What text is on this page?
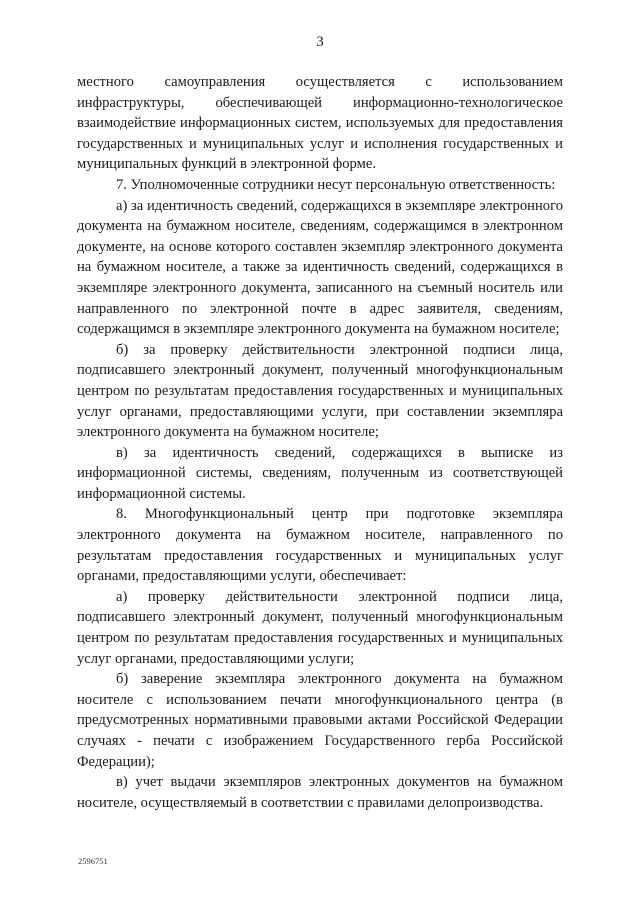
3

местного самоуправления осуществляется с использованием инфраструктуры, обеспечивающей информационно-технологическое взаимодействие информационных систем, используемых для предоставления государственных и муниципальных услуг и исполнения государственных и муниципальных функций в электронной форме.

7. Уполномоченные сотрудники несут персональную ответственность:

а) за идентичность сведений, содержащихся в экземпляре электронного документа на бумажном носителе, сведениям, содержащимся в электронном документе, на основе которого составлен экземпляр электронного документа на бумажном носителе, а также за идентичность сведений, содержащихся в экземпляре электронного документа, записанного на съемный носитель или направленного по электронной почте в адрес заявителя, сведениям, содержащимся в экземпляре электронного документа на бумажном носителе;

б) за проверку действительности электронной подписи лица, подписавшего электронный документ, полученный многофункциональным центром по результатам предоставления государственных и муниципальных услуг органами, предоставляющими услуги, при составлении экземпляра электронного документа на бумажном носителе;

в) за идентичность сведений, содержащихся в выписке из информационной системы, сведениям, полученным из соответствующей информационной системы.

8. Многофункциональный центр при подготовке экземпляра электронного документа на бумажном носителе, направленного по результатам предоставления государственных и муниципальных услуг органами, предоставляющими услуги, обеспечивает:

а) проверку действительности электронной подписи лица, подписавшего электронный документ, полученный многофункциональным центром по результатам предоставления государственных и муниципальных услуг органами, предоставляющими услуги;

б) заверение экземпляра электронного документа на бумажном носителе с использованием печати многофункционального центра (в предусмотренных нормативными правовыми актами Российской Федерации случаях - печати с изображением Государственного герба Российской Федерации);

в) учет выдачи экземпляров электронных документов на бумажном носителе, осуществляемый в соответствии с правилами делопроизводства.

2596751
